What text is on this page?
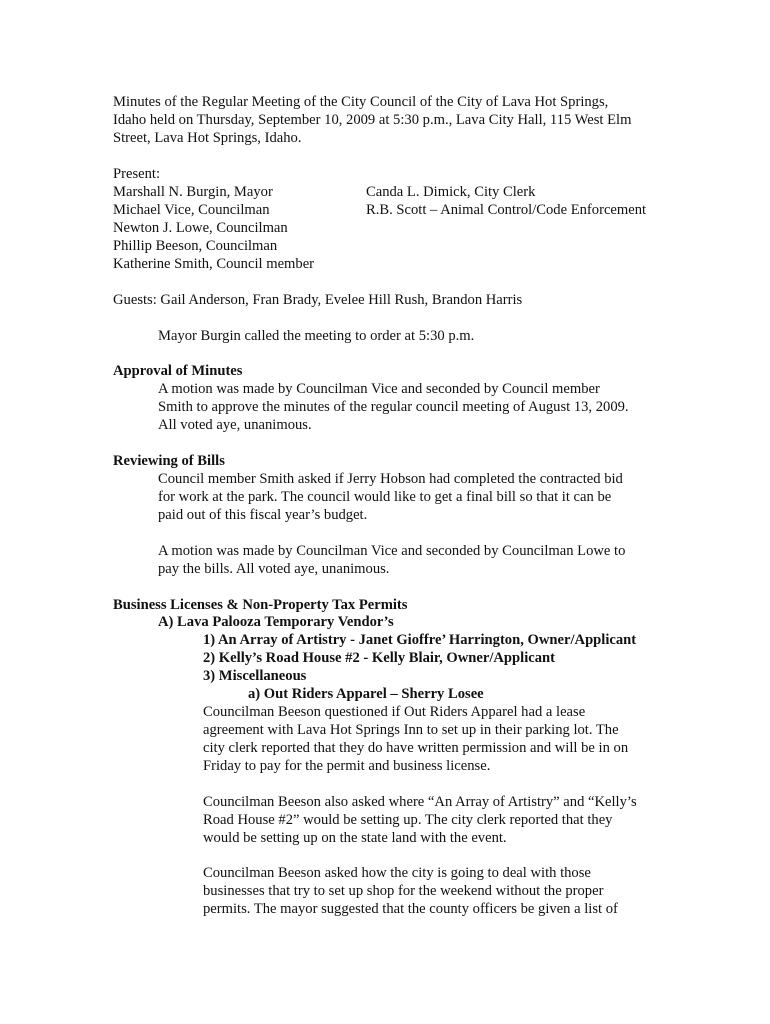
Minutes of the Regular Meeting of the City Council of the City of Lava Hot Springs,

Idaho held on Thursday, September 10, 2009 at 5:30 p.m., Lava City Hall, 115 West Elm

Street, Lava Hot Springs, Idaho.

Present:

Marshall N. Burgin, Mayor

Michael Vice, Councilman

Newton J. Lowe, Councilman

Phillip Beeson, Councilman

Katherine Smith, Council member

Canda L. Dimick, City Clerk

R.B. Scott – Animal Control/Code Enforcement

Guests: Gail Anderson, Fran Brady, Evelee Hill Rush, Brandon Harris

Mayor Burgin called the meeting to order at 5:30 p.m.

Approval of Minutes

A motion was made by Councilman Vice and seconded by Council member

Smith to approve the minutes of the regular council meeting of August 13, 2009.

All voted aye, unanimous.

Reviewing of Bills

Council member Smith asked if Jerry Hobson had completed the contracted bid

for work at the park. The council would like to get a final bill so that it can be

paid out of this fiscal year’s budget.

A motion was made by Councilman Vice and seconded by Councilman Lowe to

pay the bills. All voted aye, unanimous.

Business Licenses & Non-Property Tax Permits

A) Lava Palooza Temporary Vendor’s

1) An Array of Artistry - Janet Gioffre’ Harrington, Owner/Applicant

2) Kelly’s Road House #2 - Kelly Blair, Owner/Applicant

3) Miscellaneous

a) Out Riders Apparel – Sherry Losee

Councilman Beeson questioned if Out Riders Apparel had a lease

agreement with Lava Hot Springs Inn to set up in their parking lot. The

city clerk reported that they do have written permission and will be in on

Friday to pay for the permit and business license.

Councilman Beeson also asked where “An Array of Artistry” and “Kelly’s

Road House #2” would be setting up. The city clerk reported that they

would be setting up on the state land with the event.

Councilman Beeson asked how the city is going to deal with those

businesses that try to set up shop for the weekend without the proper

permits. The mayor suggested that the county officers be given a list of
